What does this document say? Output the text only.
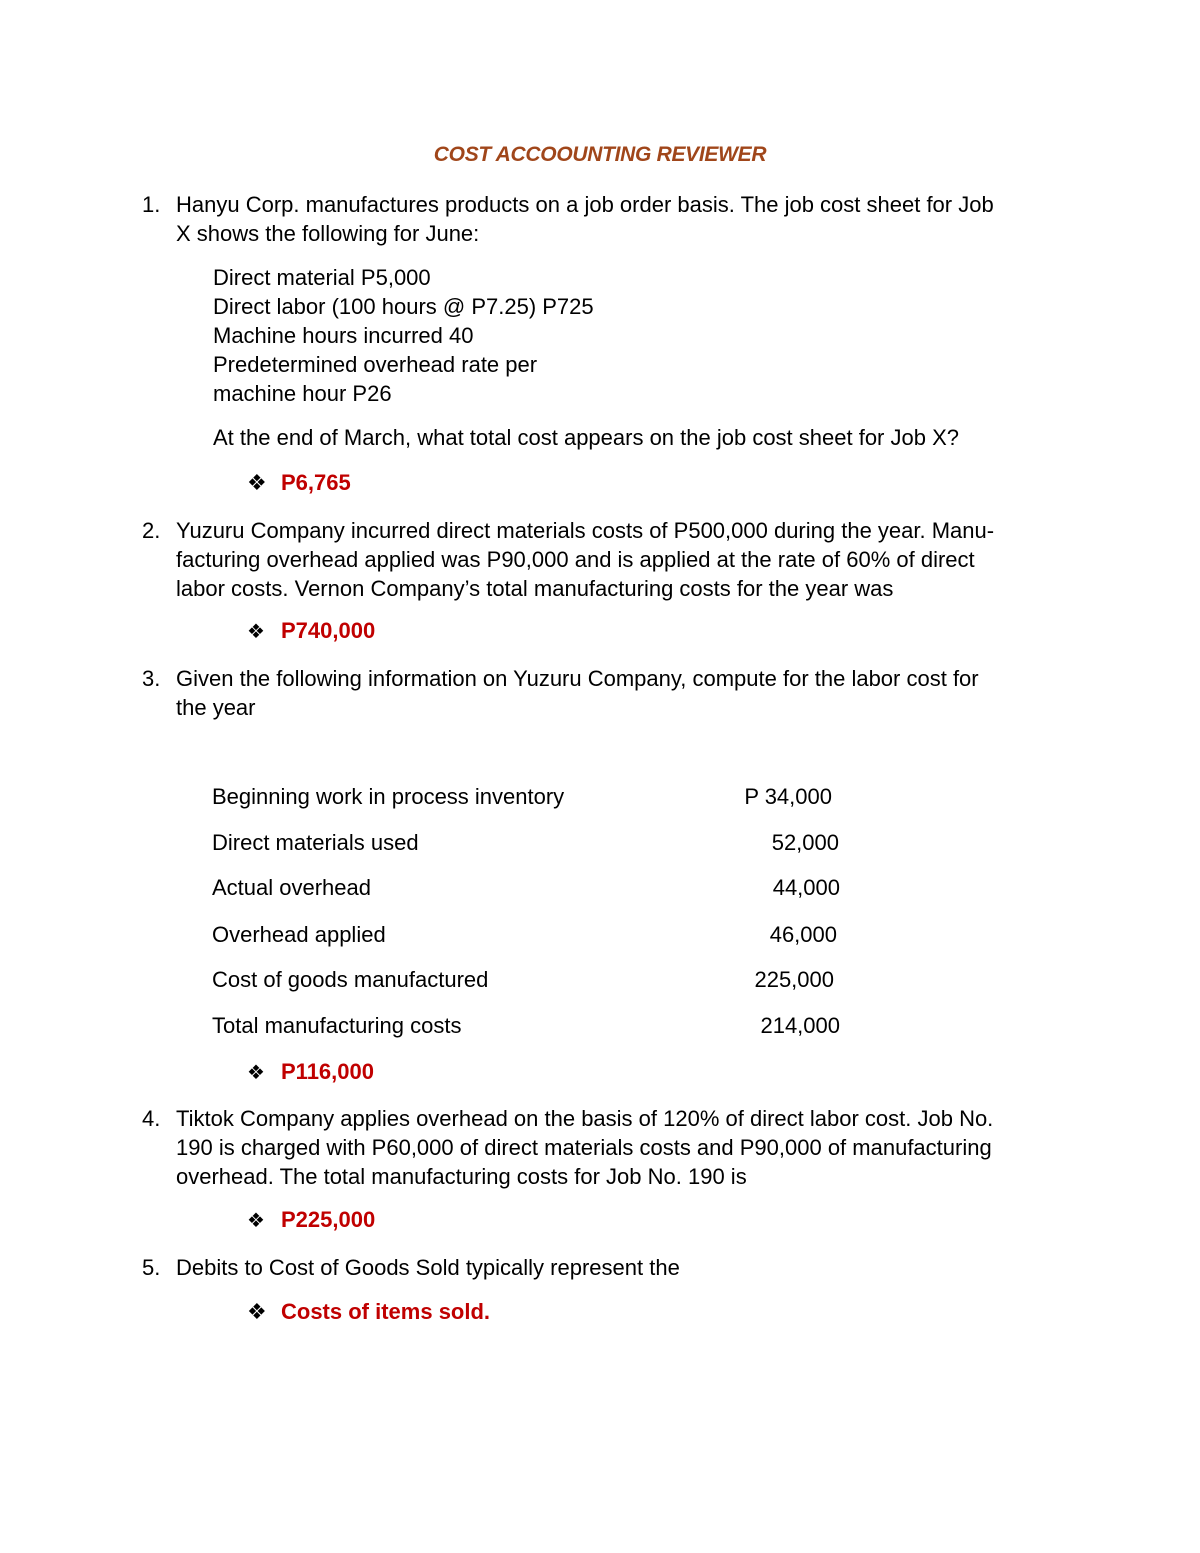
COST ACCOOUNTING REVIEWER
1. Hanyu Corp. manufactures products on a job order basis. The job cost sheet for Job
X shows the following for June:
Direct material P5,000
Direct labor (100 hours @ P7.25) P725
Machine hours incurred 40
Predetermined overhead rate per
machine hour P26
At the end of March, what total cost appears on the job cost sheet for Job X?
❖ P6,765
2. Yuzuru Company incurred direct materials costs of P500,000 during the year. Manu-
facturing overhead applied was P90,000 and is applied at the rate of 60% of direct
labor costs. Vernon Company’s total manufacturing costs for the year was
❖ P740,000
3. Given the following information on Yuzuru Company, compute for the labor cost for
the year
Beginning work in process inventory	P 34,000
Direct materials used	52,000
Actual overhead	44,000
Overhead applied	46,000
Cost of goods manufactured	225,000
Total manufacturing costs	214,000
❖ P116,000
4. Tiktok Company applies overhead on the basis of 120% of direct labor cost. Job No.
190 is charged with P60,000 of direct materials costs and P90,000 of manufacturing
overhead. The total manufacturing costs for Job No. 190 is
❖ P225,000
5. Debits to Cost of Goods Sold typically represent the
❖ Costs of items sold.
